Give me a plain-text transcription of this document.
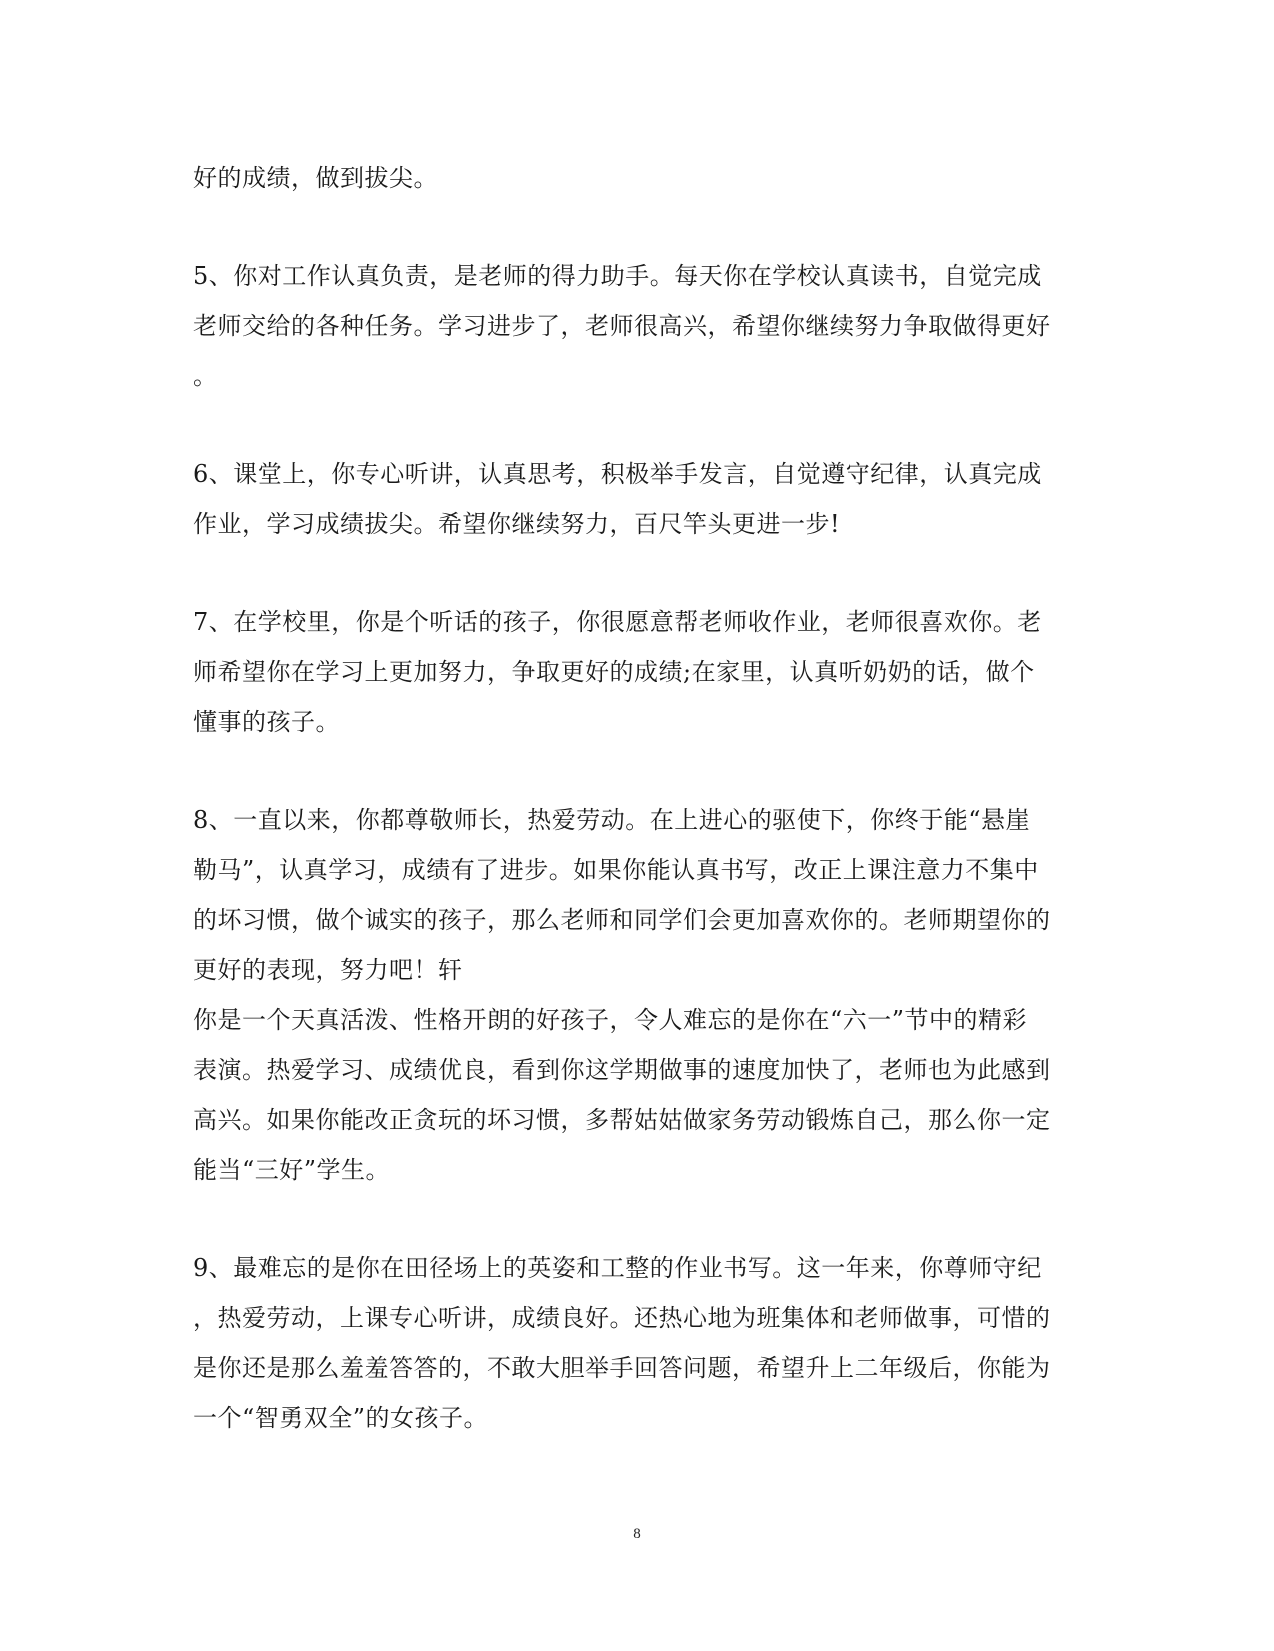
好的成绩，做到拔尖。
5、你对工作认真负责，是老师的得力助手。每天你在学校认真读书，自觉完成
老师交给的各种任务。学习进步了，老师很高兴，希望你继续努力争取做得更好
。
6、课堂上，你专心听讲，认真思考，积极举手发言，自觉遵守纪律，认真完成
作业，学习成绩拔尖。希望你继续努力，百尺竿头更进一步!
7、在学校里，你是个听话的孩子，你很愿意帮老师收作业，老师很喜欢你。老
师希望你在学习上更加努力，争取更好的成绩;在家里，认真听奶奶的话，做个
懂事的孩子。
8、一直以来，你都尊敬师长，热爱劳动。在上进心的驱使下，你终于能“悬崖
勒马”，认真学习，成绩有了进步。如果你能认真书写，改正上课注意力不集中
的坏习惯，做个诚实的孩子，那么老师和同学们会更加喜欢你的。老师期望你的
更好的表现，努力吧！轩
你是一个天真活泼、性格开朗的好孩子，令人难忘的是你在“六一”节中的精彩
表演。热爱学习、成绩优良，看到你这学期做事的速度加快了，老师也为此感到
高兴。如果你能改正贪玩的坏习惯，多帮姑姑做家务劳动锻炼自己，那么你一定
能当“三好”学生。
9、最难忘的是你在田径场上的英姿和工整的作业书写。这一年来，你尊师守纪
，热爱劳动，上课专心听讲，成绩良好。还热心地为班集体和老师做事，可惜的
是你还是那么羞羞答答的，不敢大胆举手回答问题，希望升上二年级后，你能为
一个“智勇双全”的女孩子。
8
